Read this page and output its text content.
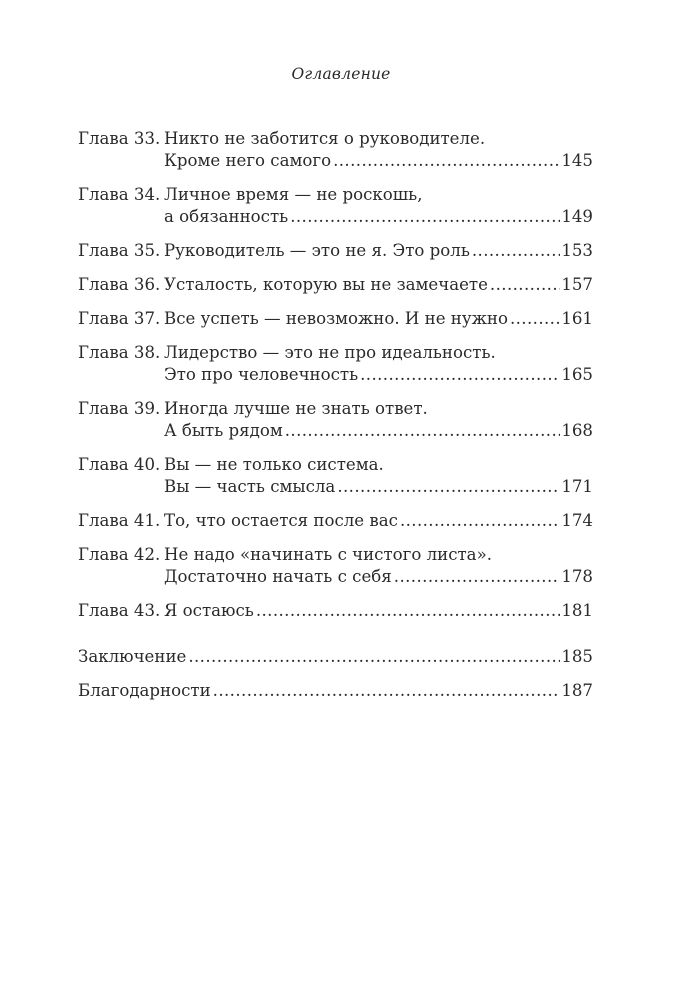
Оглавление
Глава 33. Никто не заботится о руководителе.
Кроме него самого .....	145
Глава 34. Личное время — не роскошь,
а обязанность .....	149
Глава 35. Руководитель — это не я. Это роль .....	153
Глава 36. Усталость, которую вы не замечаете .....	157
Глава 37. Все успеть — невозможно. И не нужно .....	161
Глава 38. Лидерство — это не про идеальность.
Это про человечность .....	165
Глава 39. Иногда лучше не знать ответ.
А быть рядом .....	168
Глава 40. Вы — не только система.
Вы — часть смысла .....	171
Глава 41. То, что остается после вас .....	174
Глава 42. Не надо «начинать с чистого листа».
Достаточно начать с себя .....	178
Глава 43. Я остаюсь .....	181
Заключение .....	185
Благодарности .....	187
